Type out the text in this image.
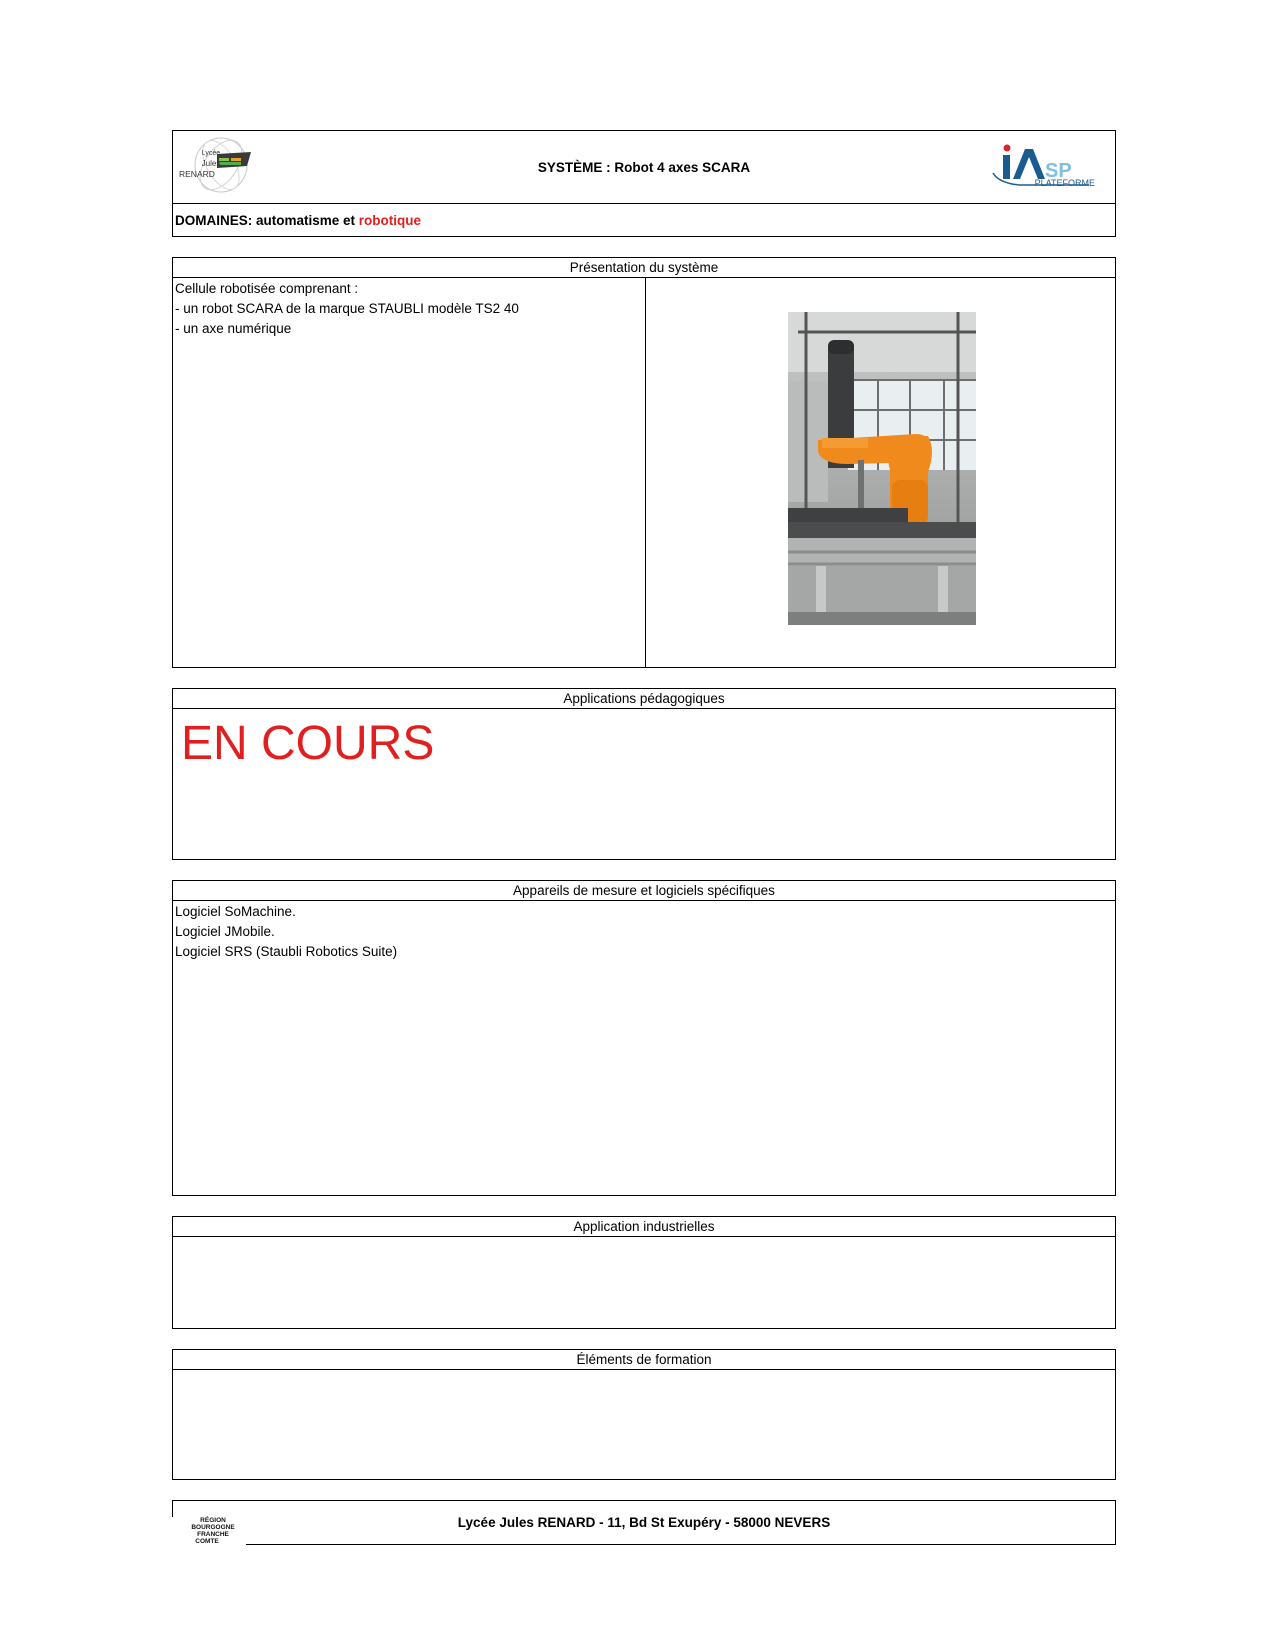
Lycée
Jules
RENARD	SYSTÈME : Robot 4 axes SCARA	SP
PLATEFORME
DOMAINES: automatisme et robotique
Présentation du système
Cellule robotisée comprenant :
- un robot SCARA de la marque STAUBLI modèle TS2 40
- un axe numérique
Applications pédagogiques
EN COURS
Appareils de mesure et logiciels spécifiques
Logiciel SoMachine.
Logiciel JMobile.
Logiciel SRS (Staubli Robotics Suite)
Application industrielles
Éléments de formation
RÉGION
BOURGOGNE
FRANCHE
COMTE
Lycée Jules RENARD - 11, Bd St Exupéry - 58000 NEVERS
